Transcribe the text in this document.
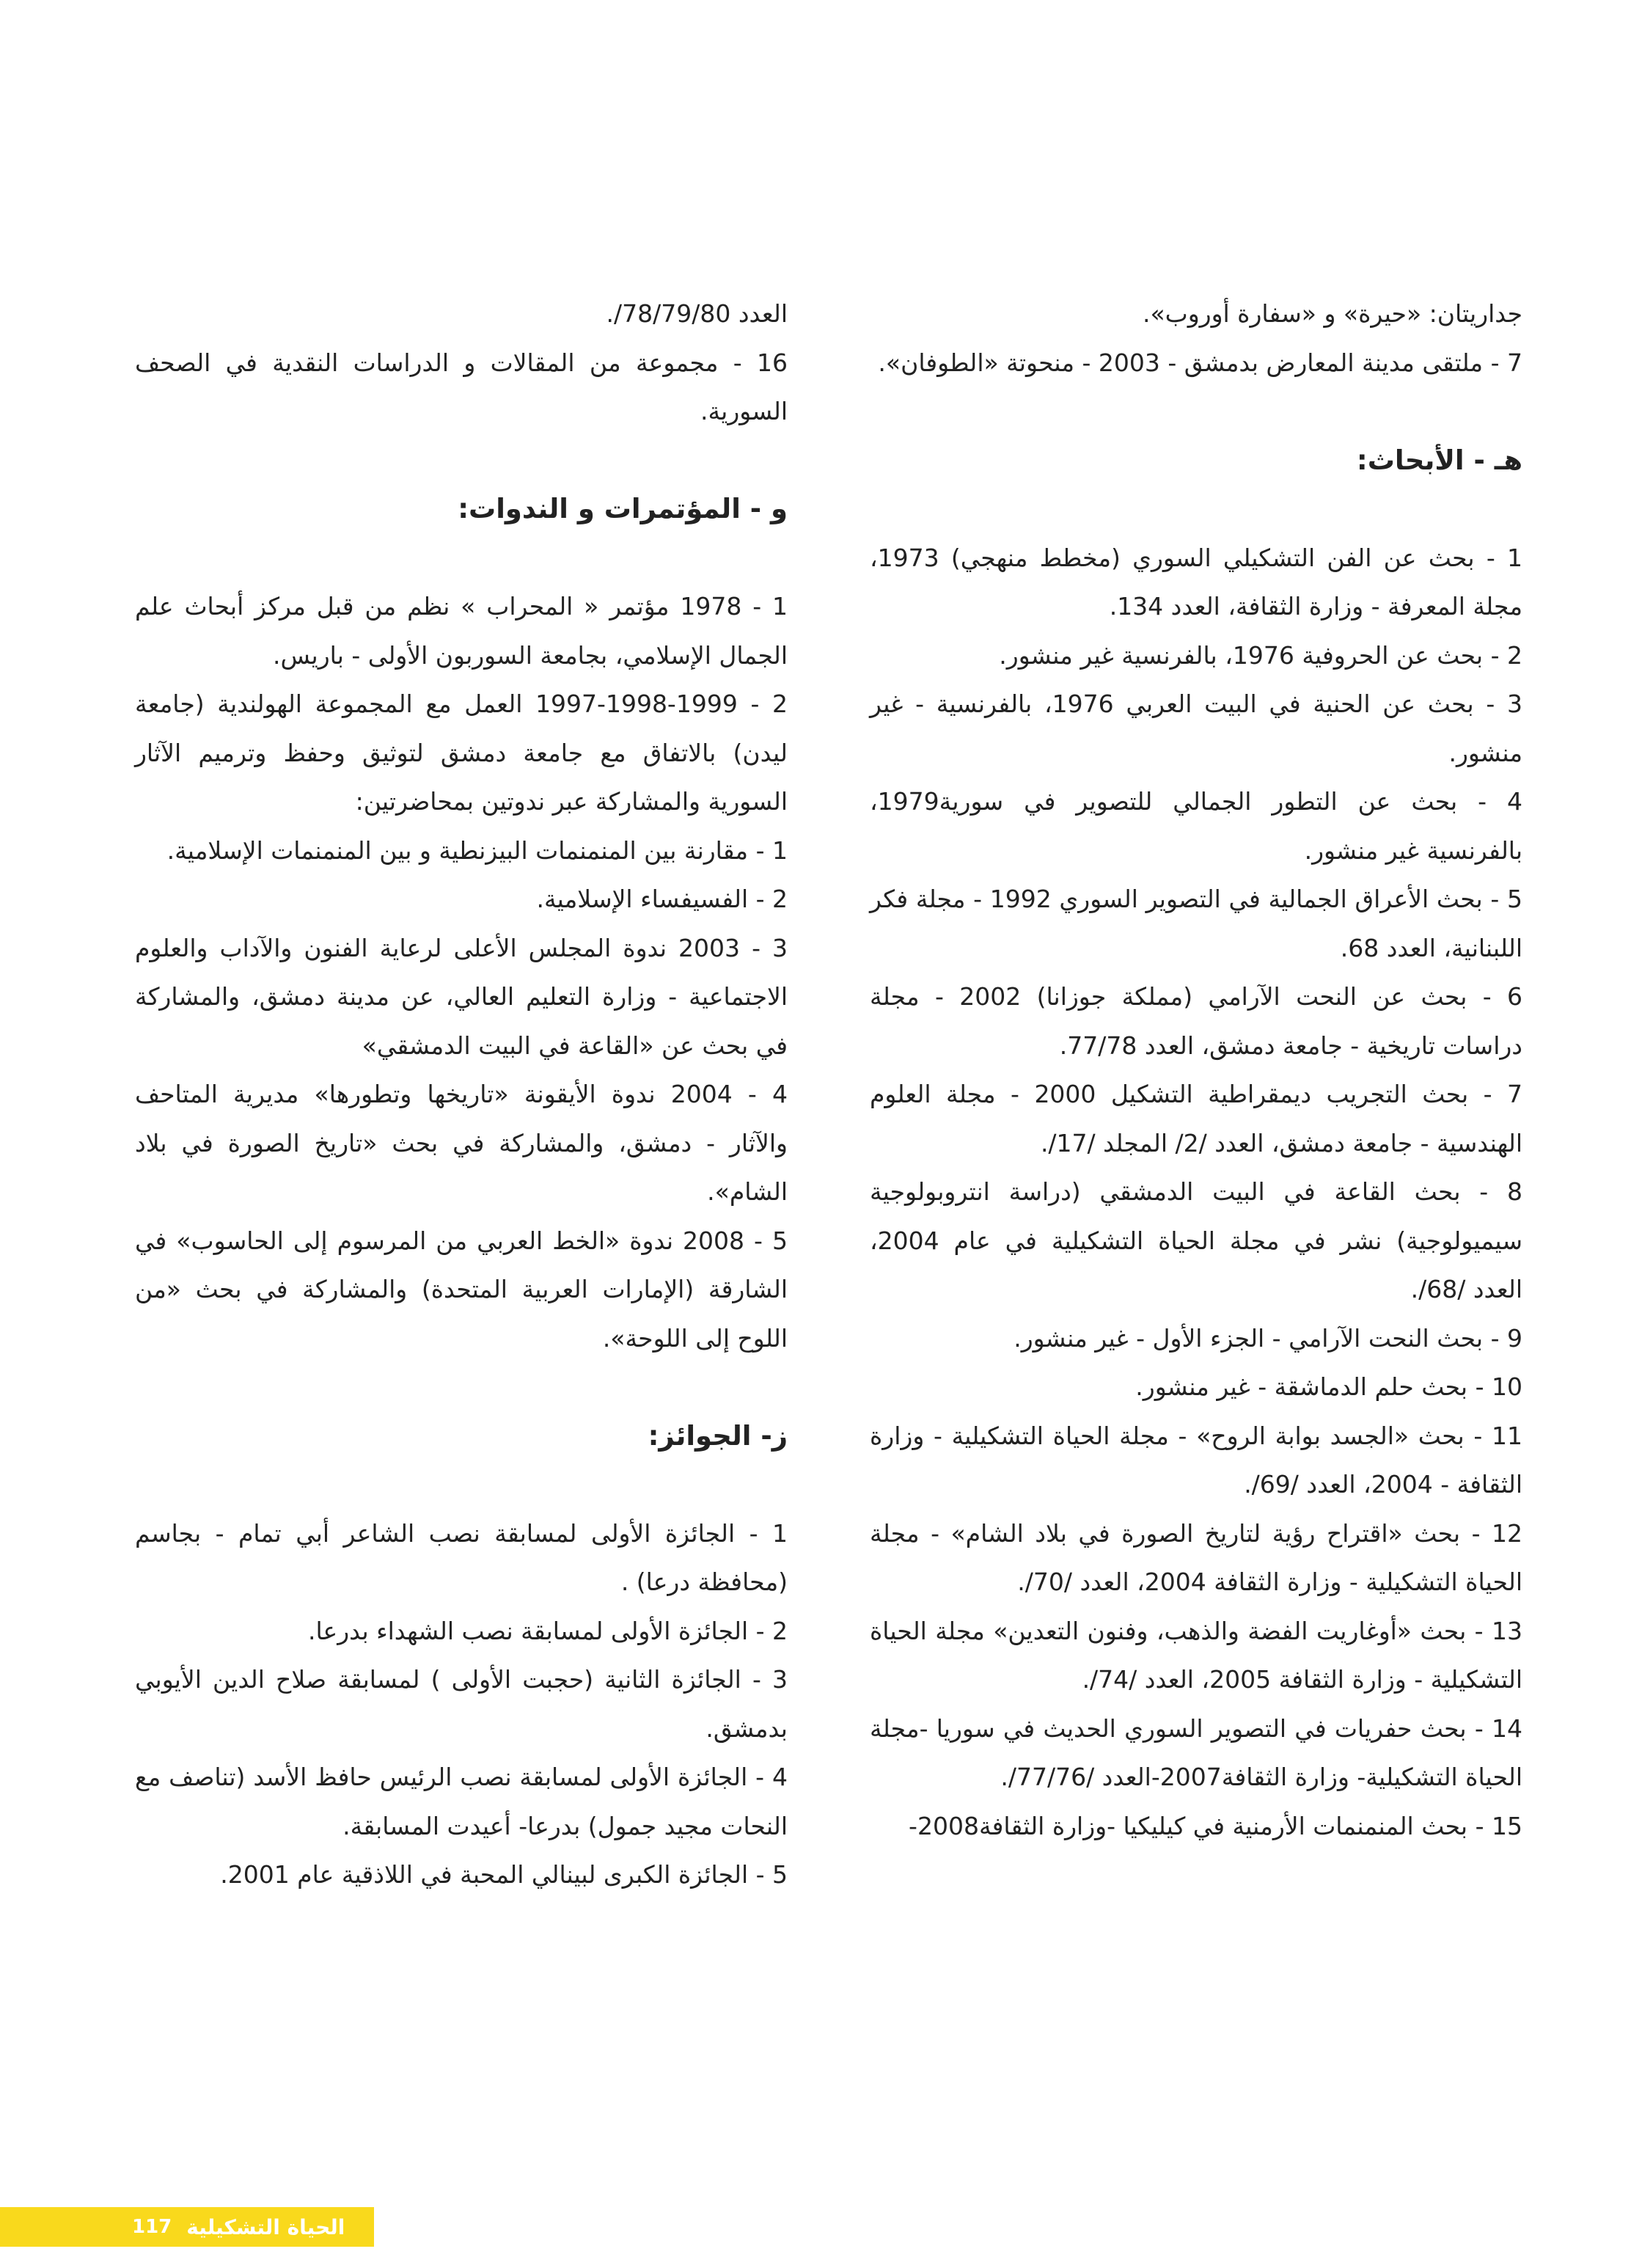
جداريتان: «حيرة» و «سفارة أوروب».

7 - ملتقى مدينة المعارض بدمشق - 2003 - منحوتة «الطوفان».

هـ - الأبحاث:

1 - بحث عن الفن التشكيلي السوري (مخطط منهجي) 1973، مجلة المعرفة - وزارة الثقافة، العدد 134.

2 - بحث عن الحروفية 1976، بالفرنسية غير منشور.

3 - بحث عن الحنية في البيت العربي 1976، بالفرنسية - غير منشور.

4 - بحث عن التطور الجمالي للتصوير في سورية1979، بالفرنسية غير منشور.

5 - بحث الأعراق الجمالية في التصوير السوري 1992 - مجلة فكر اللبنانية، العدد 68.

6 - بحث عن النحت الآرامي (مملكة جوزانا) 2002 - مجلة دراسات تاريخية - جامعة دمشق، العدد 77/78.

7 - بحث التجريب ديمقراطية التشكيل 2000 - مجلة العلوم الهندسية - جامعة دمشق، العدد /2/ المجلد /17/.

8 - بحث القاعة في البيت الدمشقي (دراسة انتروبولوجية سيميولوجية) نشر في مجلة الحياة التشكيلية في عام 2004، العدد /68/.

9 - بحث النحت الآرامي - الجزء الأول - غير منشور.

10 - بحث حلم الدماشقة - غير منشور.

11 - بحث «الجسد بوابة الروح» - مجلة الحياة التشكيلية - وزارة الثقافة - 2004، العدد /69/.

12 - بحث «اقتراح رؤية لتاريخ الصورة في بلاد الشام» - مجلة الحياة التشكيلية - وزارة الثقافة 2004، العدد /70/.

13 - بحث «أوغاريت الفضة والذهب، وفنون التعدين» مجلة الحياة التشكيلية - وزارة الثقافة 2005، العدد /74/.

14 - بحث حفريات في التصوير السوري الحديث في سوريا -مجلة الحياة التشكيلية- وزارة الثقافة2007-العدد /77/76/.

15 - بحث المنمنمات الأرمنية في كيليكيا -وزارة الثقافة2008-

العدد 78/79/80/.

16 - مجموعة من المقالات و الدراسات النقدية في الصحف السورية.

و - المؤتمرات و الندوات:

1 - 1978 مؤتمر « المحراب » نظم من قبل مركز أبحاث علم الجمال الإسلامي، بجامعة السوربون الأولى - باريس.

2 - 1997-1998-1999 العمل مع المجموعة الهولندية (جامعة ليدن) بالاتفاق مع جامعة دمشق لتوثيق وحفظ وترميم الآثار السورية والمشاركة عبر ندوتين بمحاضرتين:

1 - مقارنة بين المنمنمات البيزنطية و بين المنمنمات الإسلامية.

2 - الفسيفساء الإسلامية.

3 - 2003 ندوة المجلس الأعلى لرعاية الفنون والآداب والعلوم الاجتماعية - وزارة التعليم العالي، عن مدينة دمشق، والمشاركة في بحث عن «القاعة في البيت الدمشقي»

4 - 2004 ندوة الأيقونة «تاريخها وتطورها» مديرية المتاحف والآثار - دمشق، والمشاركة في بحث «تاريخ الصورة في بلاد الشام».

5 - 2008 ندوة «الخط العربي من المرسوم إلى الحاسوب» في الشارقة (الإمارات العربية المتحدة) والمشاركة في بحث «من اللوح إلى اللوحة».

ز- الجوائز:

1 - الجائزة الأولى لمسابقة نصب الشاعر أبي تمام - بجاسم (محافظة درعا) .

2 - الجائزة الأولى لمسابقة نصب الشهداء بدرعا.

3 - الجائزة الثانية (حجبت الأولى ) لمسابقة صلاح الدين الأيوبي بدمشق.

4 - الجائزة الأولى لمسابقة نصب الرئيس حافظ الأسد (تناصف مع النحات مجيد جمول) بدرعا- أعيدت المسابقة.

5 - الجائزة الكبرى لبينالي المحبة في اللاذقية عام 2001.

الحياة التشكيلية
117
